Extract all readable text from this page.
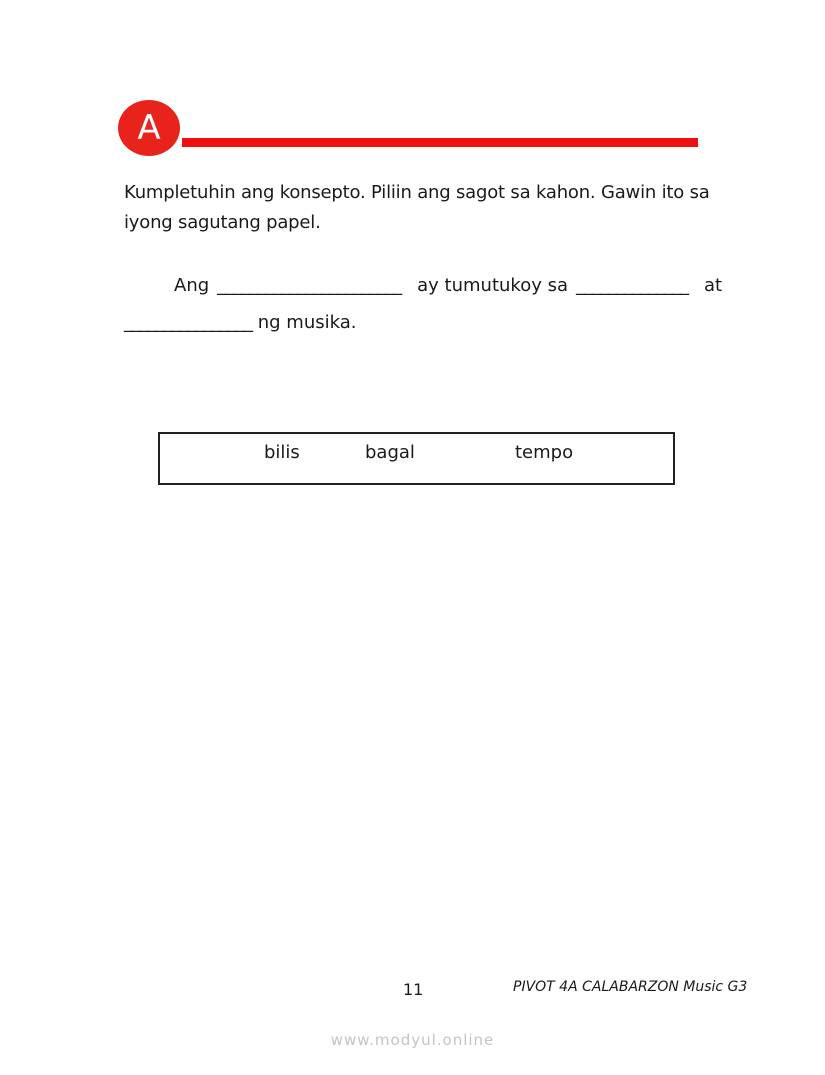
A
Kumpletuhin ang konsepto. Piliin ang sagot sa kahon. Gawin ito sa iyong sagutang papel.
Ang _______________________ ay tumutukoy sa ______________ at
________________ ng musika.
bilis	bagal	tempo
11	PIVOT 4A CALABARZON Music G3
www.modyul.online
